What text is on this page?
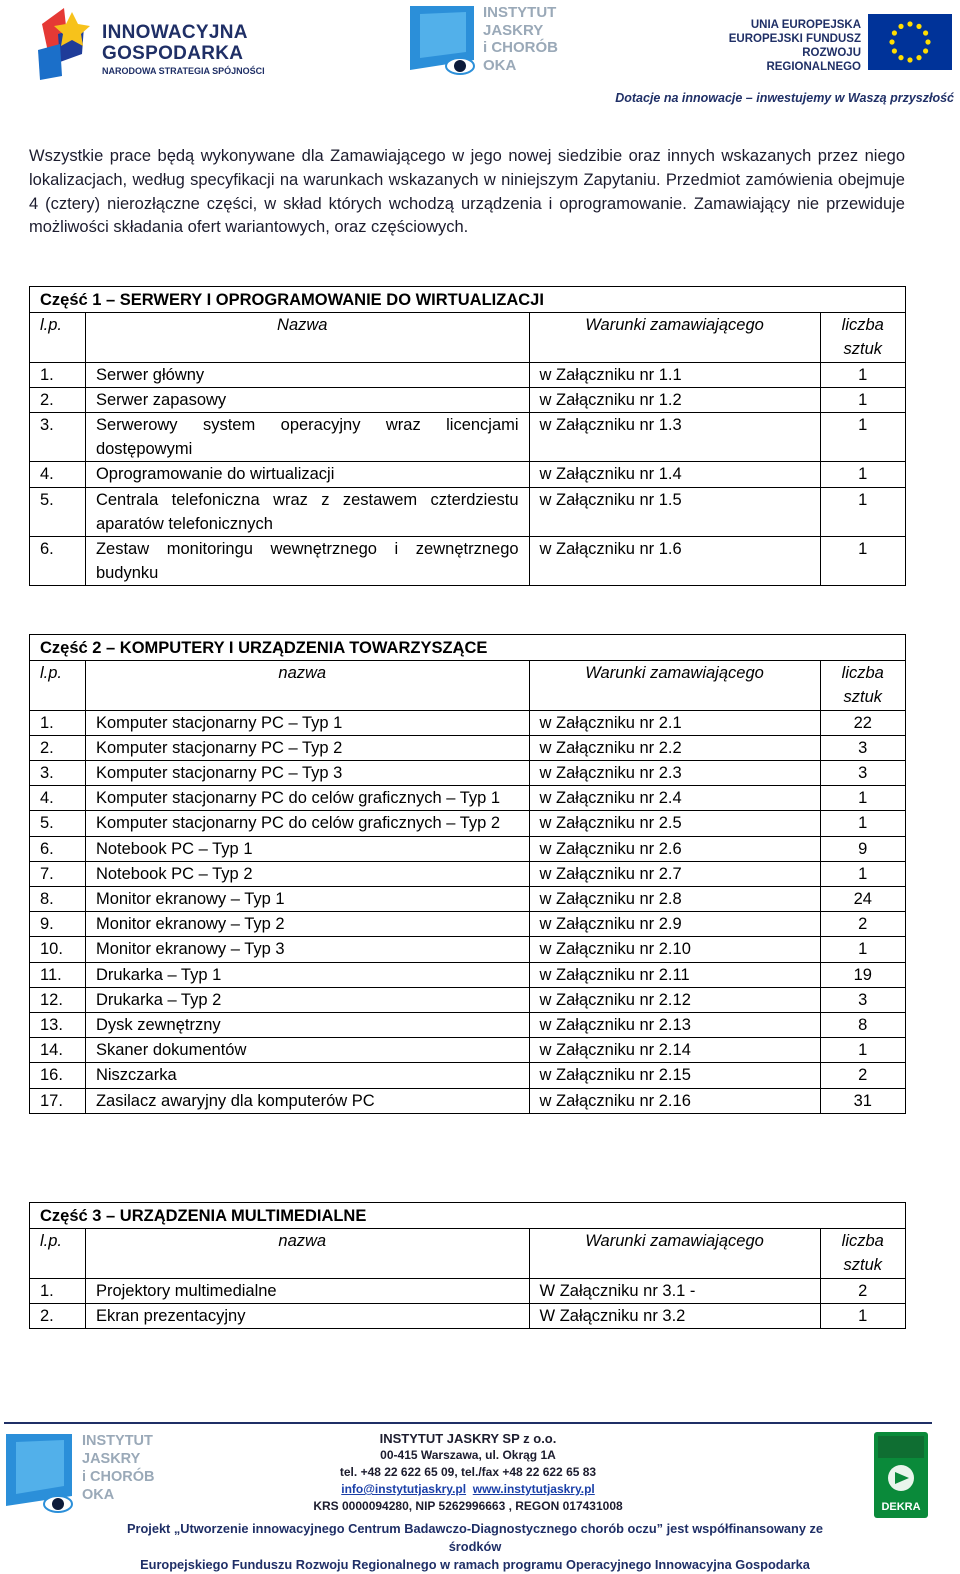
INNOWACYJNA
GOSPODARKA
NARODOWA STRATEGIA SPÓJNOŚCI
INSTYTUT
JASKRY
i CHORÓB
OKA
UNIA EUROPEJSKA
EUROPEJSKI FUNDUSZ
ROZWOJU REGIONALNEGO
Dotacje na innowacje – inwestujemy w Waszą przyszłość

Wszystkie prace będą wykonywane dla Zamawiającego w jego nowej siedzibie oraz innych wskazanych przez niego lokalizacjach, według specyfikacji na warunkach wskazanych w niniejszym Zapytaniu. Przedmiot zamówienia obejmuje 4 (cztery) nierozłączne części, w skład których wchodzą urządzenia i oprogramowanie. Zamawiający nie przewiduje możliwości składania ofert wariantowych, oraz częściowych.

Część 1 – SERWERY I OPROGRAMOWANIE DO WIRTUALIZACJI			
l.p.	Nazwa	Warunki zamawiającego	liczba sztuk
1.	Serwer główny	w Załączniku nr 1.1	1
2.	Serwer zapasowy	w Załączniku nr 1.2	1
3.	Serwerowy system operacyjny wraz licencjami dostępowymi	w Załączniku nr 1.3	1
4.	Oprogramowanie do wirtualizacji	w Załączniku nr 1.4	1
5.	Centrala telefoniczna wraz z zestawem czterdziestu aparatów telefonicznych	w Załączniku nr 1.5	1
6.	Zestaw monitoringu wewnętrznego i zewnętrznego budynku	w Załączniku nr 1.6	1
Część 2 – KOMPUTERY I URZĄDZENIA TOWARZYSZĄCE			
l.p.	nazwa	Warunki zamawiającego	liczba sztuk
1.	Komputer stacjonarny PC – Typ 1	w Załączniku nr 2.1	22
2.	Komputer stacjonarny PC – Typ 2	w Załączniku nr 2.2	3
3.	Komputer stacjonarny PC – Typ 3	w Załączniku nr 2.3	3
4.	Komputer stacjonarny PC do celów graficznych – Typ 1	w Załączniku nr 2.4	1
5.	Komputer stacjonarny PC do celów graficznych – Typ 2	w Załączniku nr 2.5	1
6.	Notebook PC – Typ 1	w Załączniku nr 2.6	9
7.	Notebook PC – Typ 2	w Załączniku nr 2.7	1
8.	Monitor ekranowy – Typ 1	w Załączniku nr 2.8	24
9.	Monitor ekranowy – Typ 2	w Załączniku nr 2.9	2
10.	Monitor ekranowy – Typ 3	w Załączniku nr 2.10	1
11.	Drukarka – Typ 1	w Załączniku nr 2.11	19
12.	Drukarka – Typ 2	w Załączniku nr 2.12	3
13.	Dysk zewnętrzny	w Załączniku nr 2.13	8
14.	Skaner dokumentów	w Załączniku nr 2.14	1
16.	Niszczarka	w Załączniku nr 2.15	2
17.	Zasilacz awaryjny dla komputerów PC	w Załączniku nr 2.16	31
Część 3 – URZĄDZENIA MULTIMEDIALNE			
l.p.	nazwa	Warunki zamawiającego	liczba sztuk
1.	Projektory multimedialne	W Załączniku nr 3.1 -	2
2.	Ekran prezentacyjny	W Załączniku nr 3.2	1
INSTYTUT
JASKRY
i CHORÓB
OKA
INSTYTUT JASKRY SP z o.o.
00-415 Warszawa, ul. Okrąg 1A
tel. +48 22 622 65 09, tel./fax +48 22 622 65 83
info@instytutjaskry.pl www.instytutjaskry.pl
KRS 0000094280, NIP 5262996663 , REGON 017431008	DEKRA
Projekt „Utworzenie innowacyjnego Centrum Badawczo-Diagnostycznego chorób oczu” jest współfinansowany ze środków
Europejskiego Funduszu Rozwoju Regionalnego w ramach programu Operacyjnego Innowacyjna Gospodarka
